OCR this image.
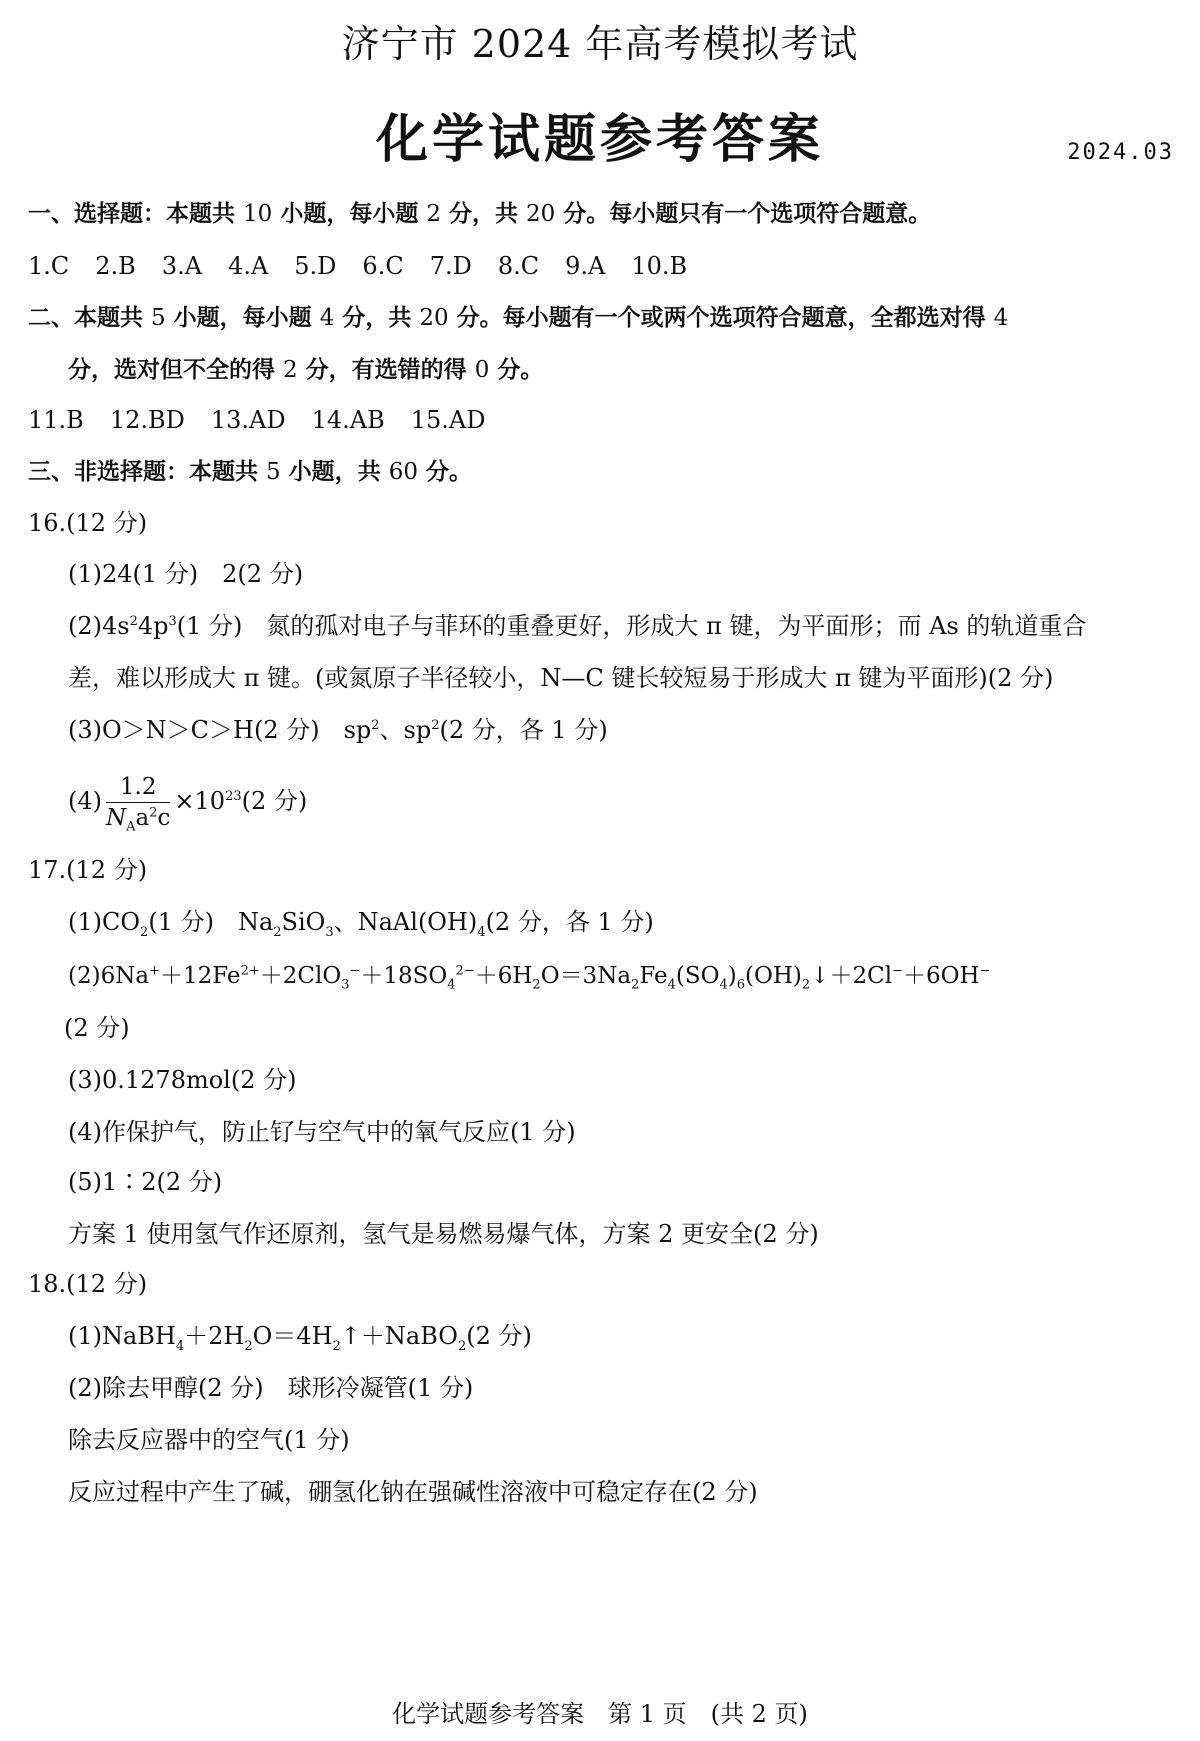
济宁市 2024 年高考模拟考试
化学试题参考答案	2024.03
一、选择题：本题共 10 小题，每小题 2 分，共 20 分。每小题只有一个选项符合题意。
1.C 2.B 3.A 4.A 5.D 6.C 7.D 8.C 9.A 10.B
二、本题共 5 小题，每小题 4 分，共 20 分。每小题有一个或两个选项符合题意，全都选对得 4
分，选对但不全的得 2 分，有选错的得 0 分。
11.B 12.BD 13.AD 14.AB 15.AD
三、非选择题：本题共 5 小题，共 60 分。
16.(12 分)
(1)24(1 分)　2(2 分)
$(2)4s^24p^3(1$ 分)　氮的孤对电子与菲环的重叠更好，形成大 π 键，为平面形；而 As 的轨道重合
差，难以形成大 π 键。(或氮原子半径较小，N—C 键长较短易于形成大 π 键为平面形)(2 分)
(3)O＞N＞C＞H(2 分)　$sp^2$、$sp^2(2$ 分，各 1 分)
$(4) \frac{1.2}{N_Aa^2c} \times 10^{23}(2$ 分)
17.(12 分)
$(1)CO_2(1$ 分)　$Na_2SiO_3$、$NaAl(OH)_4(2$ 分，各 1 分)
$(2)6Na^++12Fe^{2+}+2ClO_3^-+18SO_4^{2-}+6H_2O=3Na_2Fe_4(SO_4)_6(OH)_2↓+2Cl^-+6OH^-$
(2 分)
(3)0.1278mol(2 分)
(4)作保护气，防止钌与空气中的氧气反应(1 分)
(5)1∶2(2 分)
方案 1 使用氢气作还原剂，氢气是易燃易爆气体，方案 2 更安全(2 分)
18.(12 分)
$(1)NaBH_4+2H_2O=4H_2↑+NaBO_2(2$ 分)
(2)除去甲醇(2 分)　球形冷凝管(1 分)
除去反应器中的空气(1 分)
反应过程中产生了碱，硼氢化钠在强碱性溶液中可稳定存在(2 分)
化学试题参考答案　第 1 页　(共 2 页)
